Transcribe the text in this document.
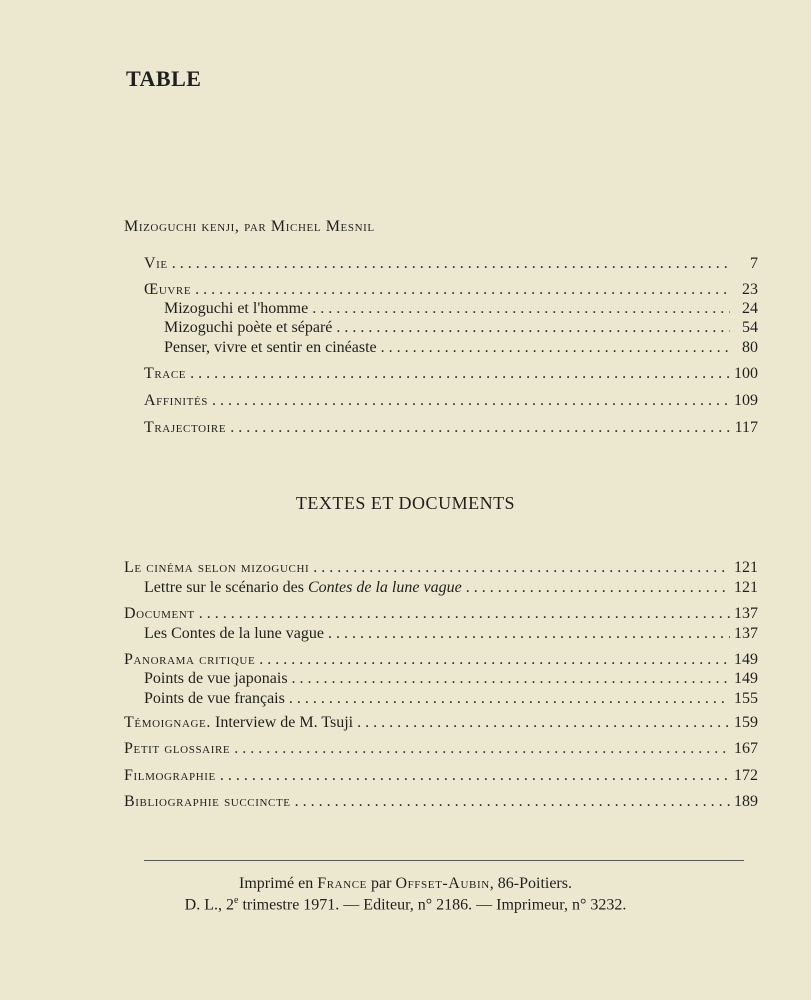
TABLE
Mizoguchi kenji, par Michel Mesnil
Vie . . .	7
Œuvre . . .	23
Mizoguchi et l'homme . . .	24
Mizoguchi poète et séparé . . .	54
Penser, vivre et sentir en cinéaste . . .	80
Trace . . .	100
Affinités . . .	109
Trajectoire . . .	117
TEXTES ET DOCUMENTS
Le cinéma selon mizoguchi . . .	121
Lettre sur le scénario des Contes de la lune vague . . .	121
Document . . .	137
Les Contes de la lune vague . . .	137
Panorama critique . . .	149
Points de vue japonais . . .	149
Points de vue français . . .	155
Témoignage. Interview de M. Tsuji . . .	159
Petit glossaire . . .	167
Filmographie . . .	172
Bibliographie succincte . . .	189
Imprimé en France par Offset-Aubin, 86-Poitiers.
D. L., 2e trimestre 1971. — Editeur, n° 2186. — Imprimeur, n° 3232.
